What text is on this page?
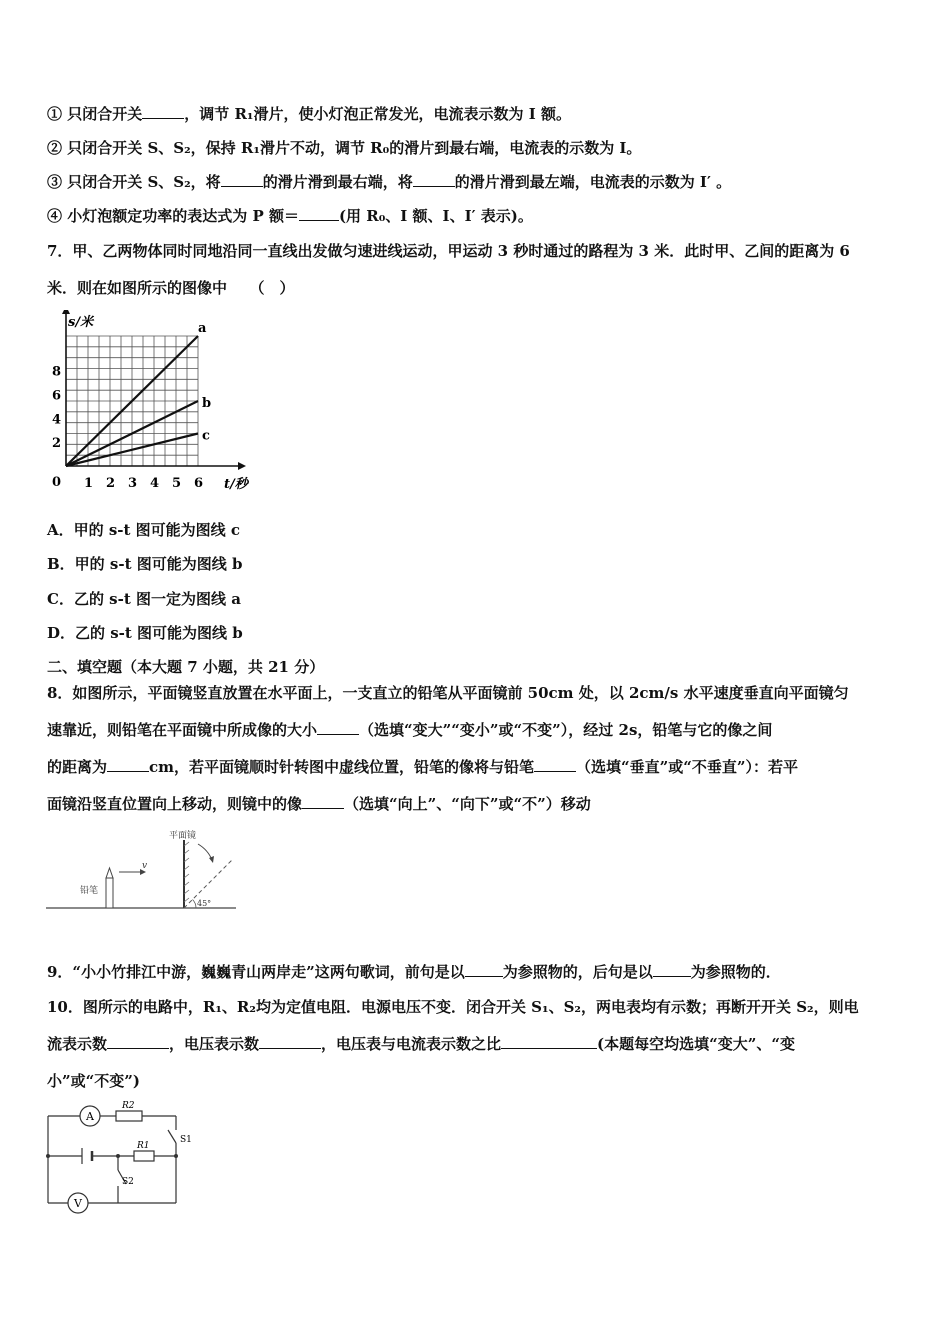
① 只闭合开关	，调节 R₁滑片，使小灯泡正常发光，电流表示数为 I 额。
② 只闭合开关 S、S₂，保持 R₁滑片不动，调节 R₀的滑片到最右端，电流表的示数为 I。
③ 只闭合开关 S、S₂，将	的滑片滑到最右端，将	的滑片滑到最左端，电流表的示数为 I′ 。
④ 小灯泡额定功率的表达式为 P 额＝	(用 R₀、I 额、I、I′ 表示)。
7．甲、乙两物体同时同地沿同一直线出发做匀速进线运动，甲运动 3 秒时通过的路程为 3 米．此时甲、乙间的距离为 6
米．则在如图所示的图像中　　（　）
a
b
c
1 2 3 4 5 6
2
4
6
8
s/米
t/秒
0
A．甲的 s-t 图可能为图线 c
B．甲的 s-t 图可能为图线 b
C．乙的 s-t 图一定为图线 a
D．乙的 s-t 图可能为图线 b
二、填空题（本大题 7 小题，共 21 分）
8．如图所示，平面镜竖直放置在水平面上，一支直立的铅笔从平面镜前 50cm 处，以 2cm/s 水平速度垂直向平面镜匀
速靠近，则铅笔在平面镜中所成像的大小	（选填“变大”“变小”或“不变”），经过 2s，铅笔与它的像之间
的距离为	cm，若平面镜顺时针转图中虚线位置，铅笔的像将与铅笔	（选填“垂直”或“不垂直”）：若平
面镜沿竖直位置向上移动，则镜中的像	（选填“向上”、“向下”或“不”）移动
铅笔
v
平面镜
45°
9．“小小竹排江中游，巍巍青山两岸走”这两句歌词，前句是以	为参照物的，后句是以	为参照物的．
10．图所示的电路中，R₁、R₂均为定值电阻．电源电压不变．闭合开关 S₁、S₂，两电表均有示数；再断开开关 S₂，则电
流表示数	，电压表示数	，电压表与电流表示数之比	(本题每空均选填“变大”、“变
小”或“不变”)
A
R2
S1
R1
S2
V
